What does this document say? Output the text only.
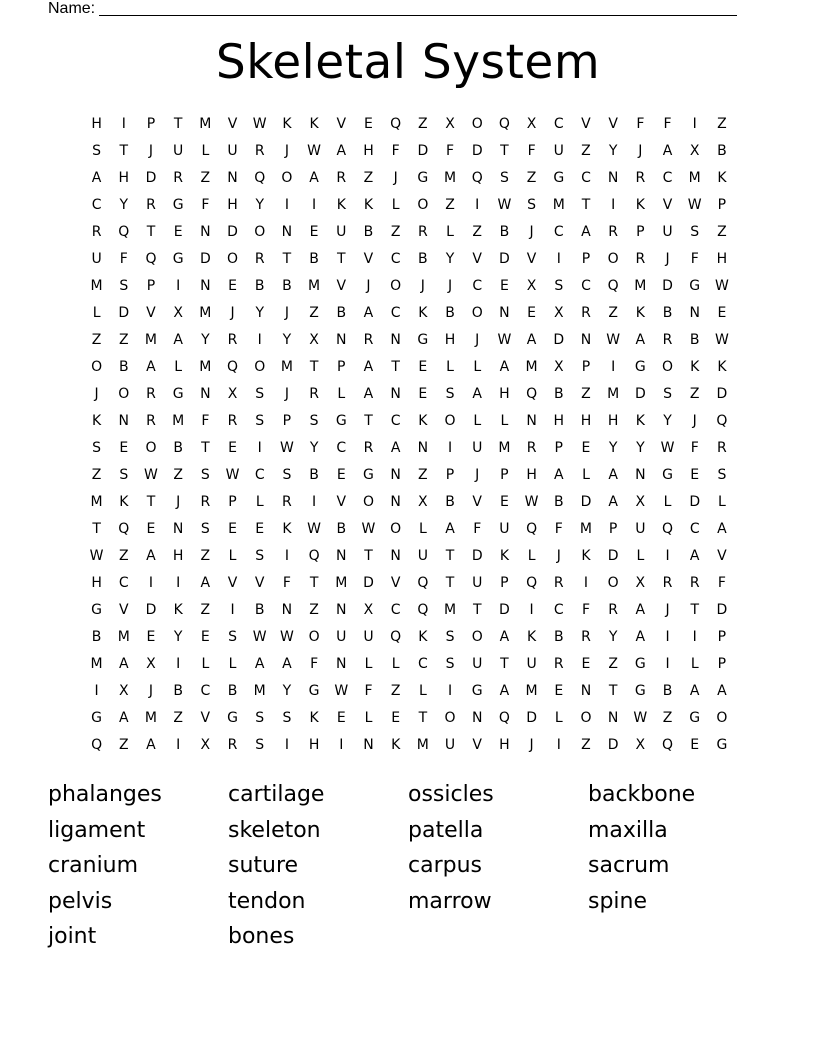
Name:
Skeletal System
H	I	P	T	M	V	W	K	K	V	E	Q	Z	X	O	Q	X	C	V	V	F	F	I	Z
S	T	J	U	L	U	R	J	W	A	H	F	D	F	D	T	F	U	Z	Y	J	A	X	B
A	H	D	R	Z	N	Q	O	A	R	Z	J	G	M	Q	S	Z	G	C	N	R	C	M	K
C	Y	R	G	F	H	Y	I	I	K	K	L	O	Z	I	W	S	M	T	I	K	V	W	P
R	Q	T	E	N	D	O	N	E	U	B	Z	R	L	Z	B	J	C	A	R	P	U	S	Z
U	F	Q	G	D	O	R	T	B	T	V	C	B	Y	V	D	V	I	P	O	R	J	F	H
M	S	P	I	N	E	B	B	M	V	J	O	J	J	C	E	X	S	C	Q	M	D	G	W
L	D	V	X	M	J	Y	J	Z	B	A	C	K	B	O	N	E	X	R	Z	K	B	N	E
Z	Z	M	A	Y	R	I	Y	X	N	R	N	G	H	J	W	A	D	N	W	A	R	B	W
O	B	A	L	M	Q	O	M	T	P	A	T	E	L	L	A	M	X	P	I	G	O	K	K
J	O	R	G	N	X	S	J	R	L	A	N	E	S	A	H	Q	B	Z	M	D	S	Z	D
K	N	R	M	F	R	S	P	S	G	T	C	K	O	L	L	N	H	H	H	K	Y	J	Q
S	E	O	B	T	E	I	W	Y	C	R	A	N	I	U	M	R	P	E	Y	Y	W	F	R
Z	S	W	Z	S	W	C	S	B	E	G	N	Z	P	J	P	H	A	L	A	N	G	E	S
M	K	T	J	R	P	L	R	I	V	O	N	X	B	V	E	W	B	D	A	X	L	D	L
T	Q	E	N	S	E	E	K	W	B	W	O	L	A	F	U	Q	F	M	P	U	Q	C	A
W	Z	A	H	Z	L	S	I	Q	N	T	N	U	T	D	K	L	J	K	D	L	I	A	V
H	C	I	I	A	V	V	F	T	M	D	V	Q	T	U	P	Q	R	I	O	X	R	R	F
G	V	D	K	Z	I	B	N	Z	N	X	C	Q	M	T	D	I	C	F	R	A	J	T	D
B	M	E	Y	E	S	W W	O	U	U	Q	K	S	O	A	K	B	R	Y	A	I	I	P
M	A	X	I	L	L	A	A	F	N	L	L	C	S	U	T	U	R	E	Z	G	I	L	P
I	X	J	B	C	B	M	Y	G	W	F	Z	L	I	G	A	M	E	N	T	G	B	A	A
G	A	M	Z	V	G	S	S	K	E	L	E	T	O	N	Q	D	L	O	N	W	Z	G	O
Q	Z	A	I	X	R	S	I	H	I	N	K	M	U	V	H	J	I	Z	D	X	Q	E	G
phalanges	cartilage	ossicles	backbone
ligament	skeleton	patella	maxilla
cranium	suture	carpus	sacrum
pelvis	tendon	marrow	spine
joint	bones
